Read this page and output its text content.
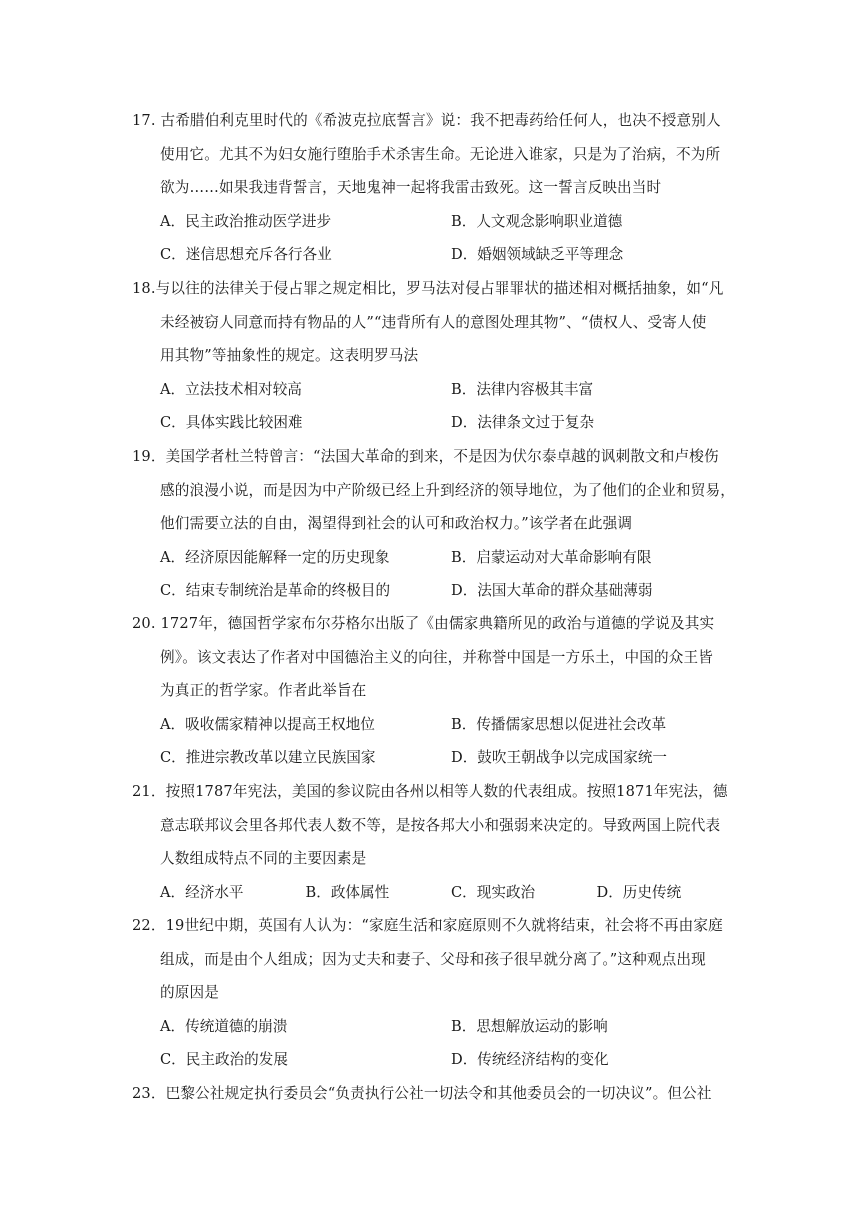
17. 古希腊伯利克里时代的《希波克拉底誓言》说：我不把毒药给任何人，也决不授意别人
使用它。尤其不为妇女施行堕胎手术杀害生命。无论进入谁家，只是为了治病，不为所
欲为……如果我违背誓言，天地鬼神一起将我雷击致死。这一誓言反映出当时
A．民主政治推动医学进步	B．人文观念影响职业道德
C．迷信思想充斥各行各业	D．婚姻领域缺乏平等理念
18.与以往的法律关于侵占罪之规定相比，罗马法对侵占罪罪状的描述相对概括抽象，如“凡
未经被窃人同意而持有物品的人”“违背所有人的意图处理其物”、“债权人、受寄人使
用其物”等抽象性的规定。这表明罗马法
A．立法技术相对较高	B．法律内容极其丰富
C．具体实践比较困难	D．法律条文过于复杂
19．美国学者杜兰特曾言：“法国大革命的到来，不是因为伏尔泰卓越的讽刺散文和卢梭伤
感的浪漫小说，而是因为中产阶级已经上升到经济的领导地位，为了他们的企业和贸易，
他们需要立法的自由，渴望得到社会的认可和政治权力。”该学者在此强调
A．经济原因能解释一定的历史现象	B．启蒙运动对大革命影响有限
C．结束专制统治是革命的终极目的	D．法国大革命的群众基础薄弱
20. 1727年，德国哲学家布尔芬格尔出版了《由儒家典籍所见的政治与道德的学说及其实
例》。该文表达了作者对中国德治主义的向往，并称誉中国是一方乐土，中国的众王皆
为真正的哲学家。作者此举旨在
A．吸收儒家精神以提高王权地位	B．传播儒家思想以促进社会改革
C．推进宗教改革以建立民族国家	D．鼓吹王朝战争以完成国家统一
21．按照1787年宪法，美国的参议院由各州以相等人数的代表组成。按照1871年宪法，德
意志联邦议会里各邦代表人数不等，是按各邦大小和强弱来决定的。导致两国上院代表
人数组成特点不同的主要因素是
A．经济水平	B．政体属性	C．现实政治	D．历史传统
22．19世纪中期，英国有人认为：“家庭生活和家庭原则不久就将结束，社会将不再由家庭
组成，而是由个人组成；因为丈夫和妻子、父母和孩子很早就分离了。”这种观点出现
的原因是
A．传统道德的崩溃	B．思想解放运动的影响
C．民主政治的发展	D．传统经济结构的变化
23．巴黎公社规定执行委员会“负责执行公社一切法令和其他委员会的一切决议”。但公社
